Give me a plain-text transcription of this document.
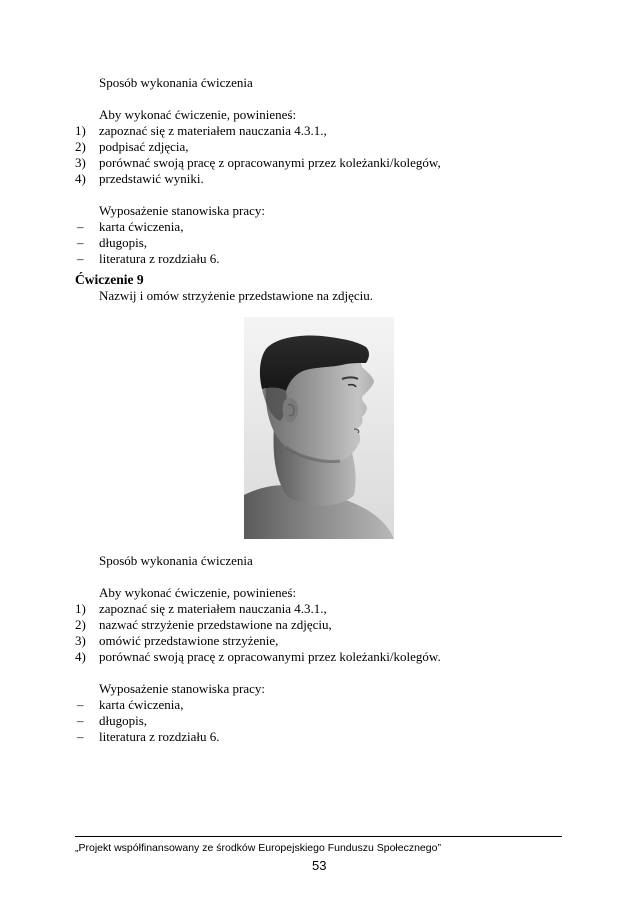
Sposób wykonania ćwiczenia
Aby wykonać ćwiczenie, powinieneś:
1) zapoznać się z materiałem nauczania 4.3.1.,
2) podpisać zdjęcia,
3) porównać swoją pracę z opracowanymi przez koleżanki/kolegów,
4) przedstawić wyniki.
Wyposażenie stanowiska pracy:
– karta ćwiczenia,
– długopis,
– literatura z rozdziału 6.
Ćwiczenie 9
Nazwij i omów strzyżenie przedstawione na zdjęciu.
Sposób wykonania ćwiczenia
Aby wykonać ćwiczenie, powinieneś:
1) zapoznać się z materiałem nauczania 4.3.1.,
2) nazwać strzyżenie przedstawione na zdjęciu,
3) omówić przedstawione strzyżenie,
4) porównać swoją pracę z opracowanymi przez koleżanki/kolegów.
Wyposażenie stanowiska pracy:
– karta ćwiczenia,
– długopis,
– literatura z rozdziału 6.
„Projekt współfinansowany ze środków Europejskiego Funduszu Społecznego”
53
